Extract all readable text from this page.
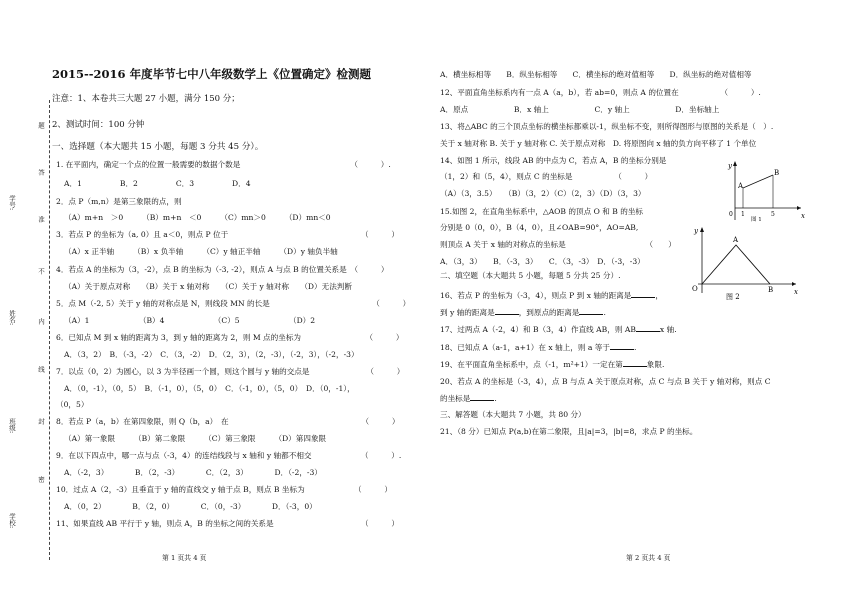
学号:
姓名:
班级:
学校:
题
答
准
不
内
线
封
密
2015--2016 年度毕节七中八年级数学上《位置确定》检测题
注意：1、本卷共三大题 27 小题，满分 150 分；
2、测试时间：100 分钟
一、选择题（本大题共 15 小题，每题 3 分共 45 分）。
1. 在平面内，确定一个点的位置一般需要的数据个数是　　　　　　　　　　　　　　　（　　　）.
A．1　　　　　B．2　　　　　C．3　　　　　D．4
2．点 P（m,n）是第三象限的点，则
（A）m+n　＞0　　　（B）m+n　＜0　　　（C）mn＞0　　　（D）mn＜0
3．若点 P 的坐标为（a, 0）且 a＜0，则点 P 位于　　　　　　　　　　　　　　　　　　（　　　）
（A）x 正半轴　　　（B）x 负半轴　　　（C）y 轴正半轴　　　（D）y 轴负半轴
4．若点 A 的坐标为（3，-2），点 B 的坐标为（-3, -2），则点 A 与点 B 的位置关系是　（　　　）
（A）关于原点对称　　（B）关于 x 轴对称　　（C）关于 y 轴对称　　（D）无法判断
5．点 M（-2, 5）关于 y 轴的对称点是 N，则线段 MN 的长是　　　　　　　　　　　　　　（　　　）
（A）1　　　　　　　（B）4　　　　　　　（C）5　　　　　　　（D）2
6．已知点 M 到 x 轴的距离为 3，到 y 轴的距离为 2，则 M 点的坐标为　　　　　　　　　（　　　）
A．（3，2）　B．（-3，-2）　C．（3，-2）　D．（2，3），（2，-3），（-2，3），（-2，-3）
7．以点（0，2）为圆心，以 3 为半径画一个圆，则这个圆与 y 轴的交点是　　　　　　　　（　　　）
A．（0，-1），（0，5）　B．（-1，0），（5，0）　C．（-1，0），（5，0）　D．（0，-1），
（0，5）
8．若点 P（a，b）在第四象限，则 Q（b，a）　在　　　　　　　　　　　　　　　　　　（　　　）
（A）第一象限　　　（B）第二象限　　　（C）第三象限　　　（D）第四象限
9．在以下四点中，哪一点与点（-3，4）的连结线段与 x 轴和 y 轴都不相交　　　　　　　（　　　）.
A．（-2，3）　　　　B．（2，-3）　　　　C．（2，3）　　　　D．（-2，-3）
10．过点 A（2，-3）且垂直于 y 轴的直线交 y 轴于点 B，则点 B 坐标为　　　　　　　（　　　）
A．（0，2）　　　　B．（2，0）　　　　C．（0，-3）　　　　D．（-3，0）
11、如果直线 AB 平行于 y 轴，则点 A，B 的坐标之间的关系是　　　　　　　　　　　　（　　　）
A．横坐标相等　　B．纵坐标相等　　C．横坐标的绝对值相等　　D．纵坐标的绝对值相等
12、平面直角坐标系内有一点 A（a，b），若 ab=0，则点 A 的位置在　　　　　　（　　　）.
A．原点　　　　　　B．x 轴上　　　　　　C．y 轴上　　　　　　D．坐标轴上
13、将△ABC 的三个顶点坐标的横坐标都乘以-1，纵坐标不变，则所得图形与原图的关系是（　）.
关于 x 轴对称 B. 关于 y 轴对称 C. 关于原点对称　D. 将原图向 x 轴的负方向平移了 1 个单位
14、如图 1 所示，线段 AB 的中点为 C，若点 A，B 的坐标分别是
（1，2）和（5，4），则点 C 的坐标是　　　　　　（　　　）
（A）（3，3.5）　　（B）（3，2）（C）（2，3）（D）（3，3）
15.如图 2，在直角坐标系中，△AOB 的顶点 O 和 B 的坐标
分别是 0（0，0），B（4，0），且∠OAB=90°，AO=AB,
则顶点 A 关于 x 轴的对称点的坐标是　　　　　　　　　　　（　　）
A．（3，3）　　B．（-3，3）　　C．（3，-3）　D．（-3，-3）
y
x
0 1	5
A
B
图 1
y
x
O
A
B
图 2
二、填空题（本大题共 5 小题，每题 5 分共 25 分）.
16、若点 P 的坐标为（-3，4），则点 P 到 x 轴的距离是	，
到 y 轴的距离是	，到原点的距离是	.
17、过两点 A（-2，4）和 B（3，4）作直线 AB，则 AB	x 轴.
18、已知点 A（a-1，a+1）在 x 轴上，则 a 等于	.
19、在平面直角坐标系中，点（-1，m²+1）一定在第	象限.
20、若点 A 的坐标是（-3，4），点 B 与点 A 关于原点对称，点 C 与点 B 关于 y 轴对称，则点 C
的坐标是	.
三、解答题（本大题共 7 小题，共 80 分）
21、（8 分）已知点 P(a,b)在第二象限，且|a|=3，|b|=8，求点 P 的坐标。
第 1 页共 4 页	第 2 页共 4 页
